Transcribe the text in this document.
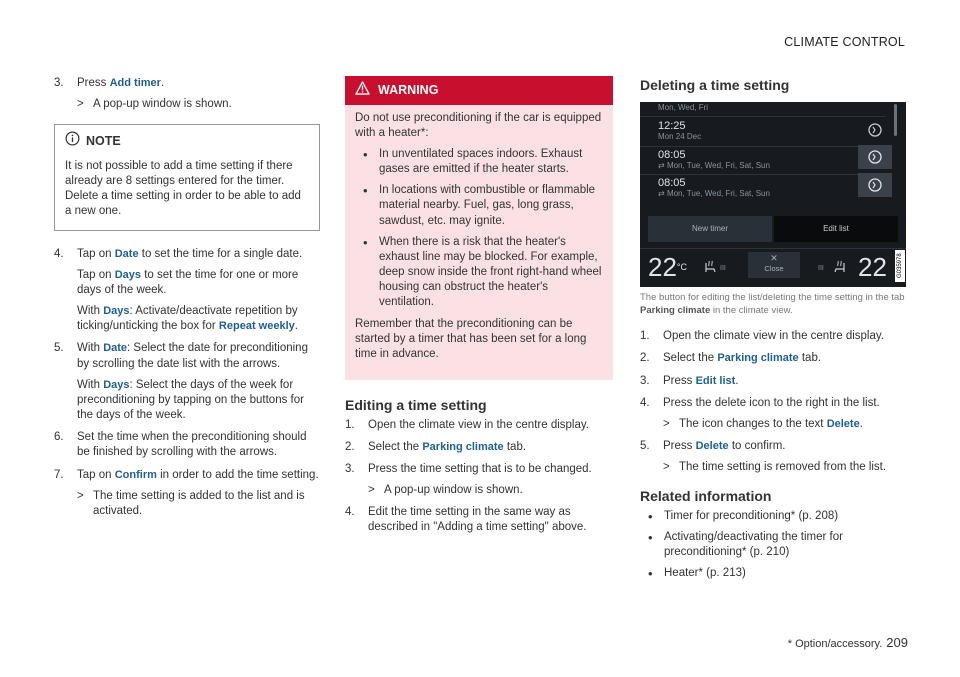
CLIMATE CONTROL
3. Press Add timer.

> A pop-up window is shown.
NOTE
It is not possible to add a time setting if there already are 8 settings entered for the timer. Delete a time setting in order to be able to add a new one.
4. Tap on Date to set the time for a single date.

Tap on Days to set the time for one or more days of the week.

With Days: Activate/deactivate repetition by ticking/unticking the box for Repeat weekly.

5. With Date: Select the date for preconditioning by scrolling the date list with the arrows.

With Days: Select the days of the week for preconditioning by tapping on the buttons for the days of the week.

6. Set the time when the preconditioning should be finished by scrolling with the arrows.

7. Tap on Confirm in order to add the time setting.

> The time setting is added to the list and is activated.
WARNING

Do not use preconditioning if the car is equipped with a heater*:

• In unventilated spaces indoors. Exhaust gases are emitted if the heater starts.
• In locations with combustible or flammable material nearby. Fuel, gas, long grass, sawdust, etc. may ignite.
• When there is a risk that the heater's exhaust line may be blocked. For example, deep snow inside the front right-hand wheel housing can obstruct the heater's ventilation.

Remember that the preconditioning can be started by a timer that has been set for a long time in advance.

Editing a time setting
1. Open the climate view in the centre display.

2. Select the Parking climate tab.

3. Press the time setting that is to be changed.

> A pop-up window is shown.
4. Edit the time setting in the same way as described in "Adding a time setting" above.

Deleting a time setting
Mon, Wed, Fri
12:25
Mon 24 Dec
08:05
⇄ Mon, Tue, Wed, Fri, Sat, Sun
08:05
⇄ Mon, Tue, Wed, Fri, Sat, Sun
New timer	Edit list
$22^{^\circ C}$	III
✕
Close	III 22	G035978
The button for editing the list/deleting the time setting in the tab Parking climate in the climate view.
1. Open the climate view in the centre display.

2. Select the Parking climate tab.

3. Press Edit list.

4. Press the delete icon to the right in the list.

> The icon changes to the text Delete.
5. Press Delete to confirm.

> The time setting is removed from the list.
Related information
• Timer for preconditioning* (p. 208)
• Activating/deactivating the timer for preconditioning* (p. 210)
• Heater* (p. 213)
* Option/accessory. 209
